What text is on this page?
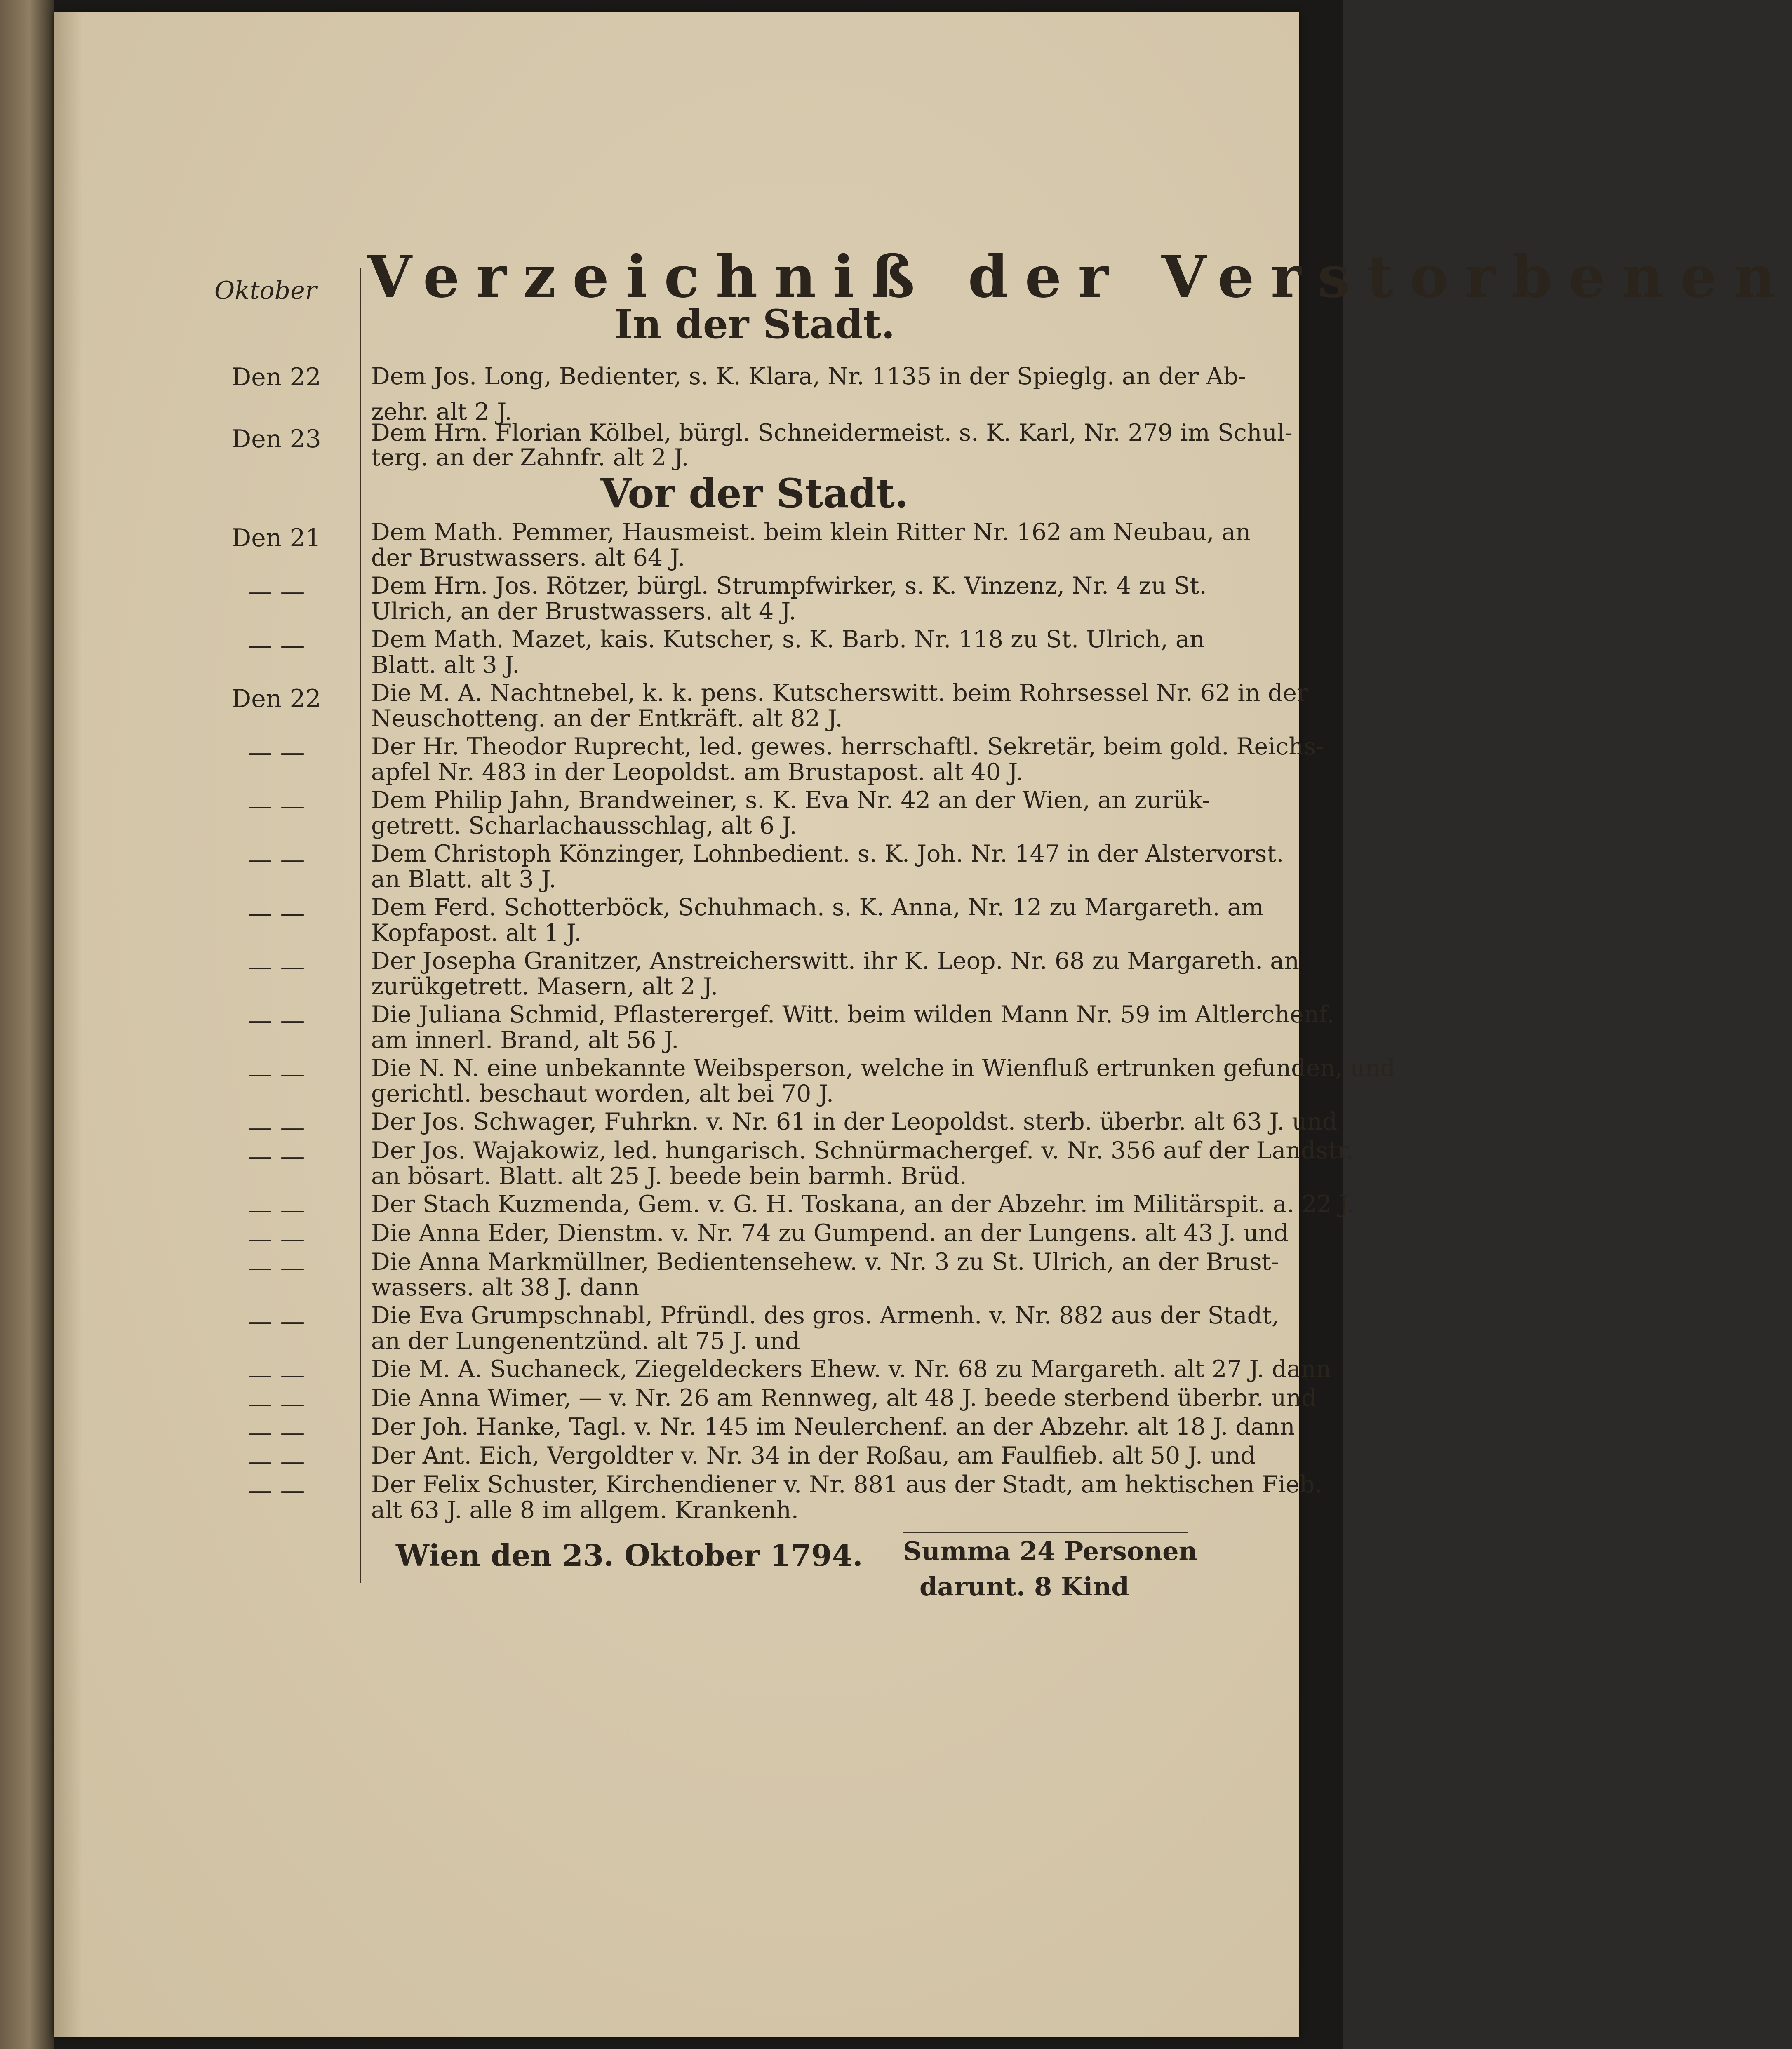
Oktober Verzeichniß der Verstorbenen
In der Stadt.
Vor der Stadt.
Den 22
Den 23
Den 21
— —
— —
Den 22
— —
— —
— —
— —
— —
— —
— —
— —
— —
— —
— —
— —
— —
— —
— —
— —
— —
— —
Dem Jos. Long, Bedienter, s. K. Klara, Nr. 1135 in der Spieglg. an der Ab-
zehr. alt 2 J.
Dem Hrn. Florian Kölbel, bürgl. Schneidermeist. s. K. Karl, Nr. 279 im Schul-
terg. an der Zahnfr. alt 2 J.
Dem Math. Pemmer, Hausmeist. beim klein Ritter Nr. 162 am Neubau, an
der Brustwassers. alt 64 J.
Dem Hrn. Jos. Rötzer, bürgl. Strumpfwirker, s. K. Vinzenz, Nr. 4 zu St.
Ulrich, an der Brustwassers. alt 4 J.
Dem Math. Mazet, kais. Kutscher, s. K. Barb. Nr. 118 zu St. Ulrich, an
Blatt. alt 3 J.
Die M. A. Nachtnebel, k. k. pens. Kutscherswitt. beim Rohrsessel Nr. 62 in der
Neuschotteng. an der Entkräft. alt 82 J.
Der Hr. Theodor Ruprecht, led. gewes. herrschaftl. Sekretär, beim gold. Reichs-
apfel Nr. 483 in der Leopoldst. am Brustapost. alt 40 J.
Dem Philip Jahn, Brandweiner, s. K. Eva Nr. 42 an der Wien, an zurük-
getrett. Scharlachausschlag, alt 6 J.
Dem Christoph Könzinger, Lohnbedient. s. K. Joh. Nr. 147 in der Alstervorst.
an Blatt. alt 3 J.
Dem Ferd. Schotterböck, Schuhmach. s. K. Anna, Nr. 12 zu Margareth. am
Kopfapost. alt 1 J.
Der Josepha Granitzer, Anstreicherswitt. ihr K. Leop. Nr. 68 zu Margareth. an
zurükgetrett. Masern, alt 2 J.
Die Juliana Schmid, Pflasterergef. Witt. beim wilden Mann Nr. 59 im Altlerchenf.
am innerl. Brand, alt 56 J.
Die N. N. eine unbekannte Weibsperson, welche in Wienfluß ertrunken gefunden, und
gerichtl. beschaut worden, alt bei 70 J.
Der Jos. Schwager, Fuhrkn. v. Nr. 61 in der Leopoldst. sterb. überbr. alt 63 J. und
Der Jos. Wajakowiz, led. hungarisch. Schnürmachergef. v. Nr. 356 auf der Landstr.
an bösart. Blatt. alt 25 J. beede bein barmh. Brüd.
Der Stach Kuzmenda, Gem. v. G. H. Toskana, an der Abzehr. im Militärspit. a. 22 J.
Die Anna Eder, Dienstm. v. Nr. 74 zu Gumpend. an der Lungens. alt 43 J. und
Die Anna Markmüllner, Bedientensehew. v. Nr. 3 zu St. Ulrich, an der Brust-
wassers. alt 38 J. dann
Die Eva Grumpschnabl, Pfründl. des gros. Armenh. v. Nr. 882 aus der Stadt,
an der Lungenentzünd. alt 75 J. und
Die M. A. Suchaneck, Ziegeldeckers Ehew. v. Nr. 68 zu Margareth. alt 27 J. dann
Die Anna Wimer, — v. Nr. 26 am Rennweg, alt 48 J. beede sterbend überbr. und
Der Joh. Hanke, Tagl. v. Nr. 145 im Neulerchenf. an der Abzehr. alt 18 J. dann
Der Ant. Eich, Vergoldter v. Nr. 34 in der Roßau, am Faulfieb. alt 50 J. und
Der Felix Schuster, Kirchendiener v. Nr. 881 aus der Stadt, am hektischen Fieb.
alt 63 J. alle 8 im allgem. Krankenh.
Wien den 23. Oktober 1794. Summa 24 Personen
darunt. 8 Kind
